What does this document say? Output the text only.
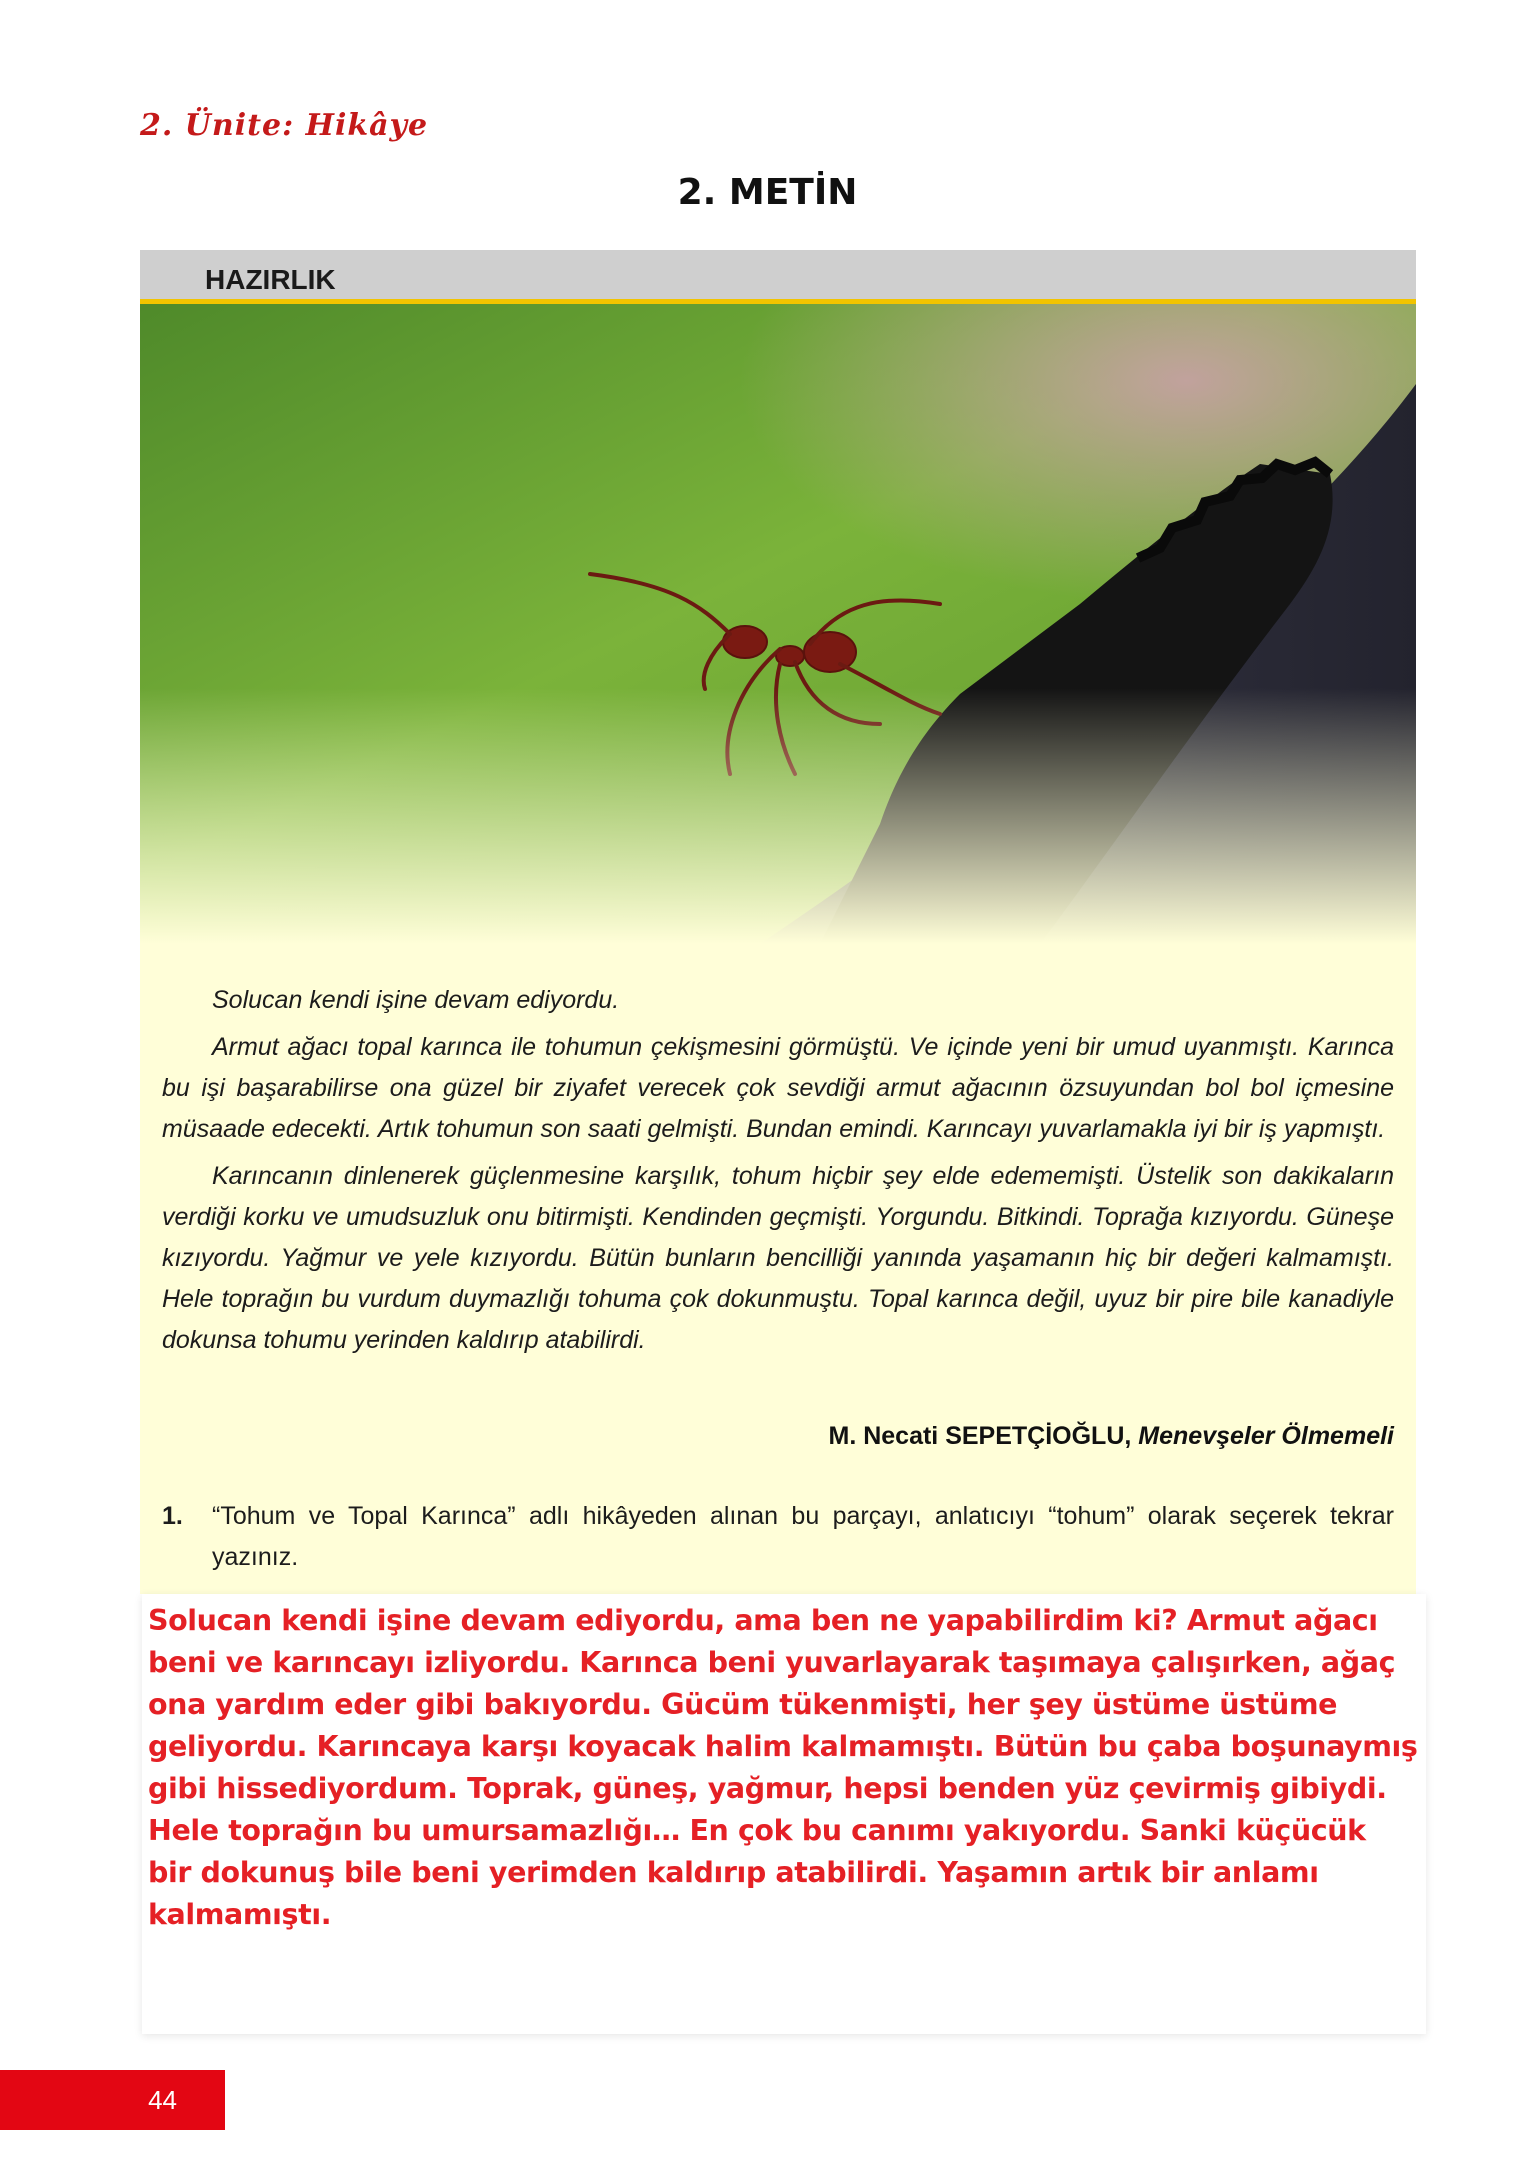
2. Ünite: Hikâye
2. METİN
HAZIRLIK

Solucan kendi işine devam ediyordu.

Armut ağacı topal karınca ile tohumun çekişmesini görmüştü. Ve içinde yeni bir umud uyanmıştı. Karınca bu işi başarabilirse ona güzel bir ziyafet verecek çok sevdiği armut ağacının özsuyundan bol bol içmesine müsaade edecekti. Artık tohumun son saati gelmişti. Bundan emindi. Karıncayı yuvarlamakla iyi bir iş yapmıştı.

Karıncanın dinlenerek güçlenmesine karşılık, tohum hiçbir şey elde edememişti. Üstelik son dakikaların verdiği korku ve umudsuzluk onu bitirmişti. Kendinden geçmişti. Yorgundu. Bitkindi. Toprağa kızıyordu. Güneşe kızıyordu. Yağmur ve yele kızıyordu. Bütün bunların bencilliği yanında yaşamanın hiç bir değeri kalmamıştı. Hele toprağın bu vurdum duymazlığı tohuma çok dokunmuştu. Topal karınca değil, uyuz bir pire bile kanadiyle dokunsa tohumu yerinden kaldırıp atabilirdi.

M. Necati SEPETÇİOĞLU, Menevşeler Ölmemeli
1. “Tohum ve Topal Karınca” adlı hikâyeden alınan bu parçayı, anlatıcıyı “tohum” olarak seçerek tekrar yazınız.
Solucan kendi işine devam ediyordu, ama ben ne yapabilirdim ki? Armut ağacı beni ve karıncayı izliyordu. Karınca beni yuvarlayarak taşımaya çalışırken, ağaç ona yardım eder gibi bakıyordu. Gücüm tükenmişti, her şey üstüme üstüme geliyordu. Karıncaya karşı koyacak halim kalmamıştı. Bütün bu çaba boşunaymış gibi hissediyordum. Toprak, güneş, yağmur, hepsi benden yüz çevirmiş gibiydi. Hele toprağın bu umursamazlığı… En çok bu canımı yakıyordu. Sanki küçücük bir dokunuş bile beni yerimden kaldırıp atabilirdi. Yaşamın artık bir anlamı kalmamıştı.
44
